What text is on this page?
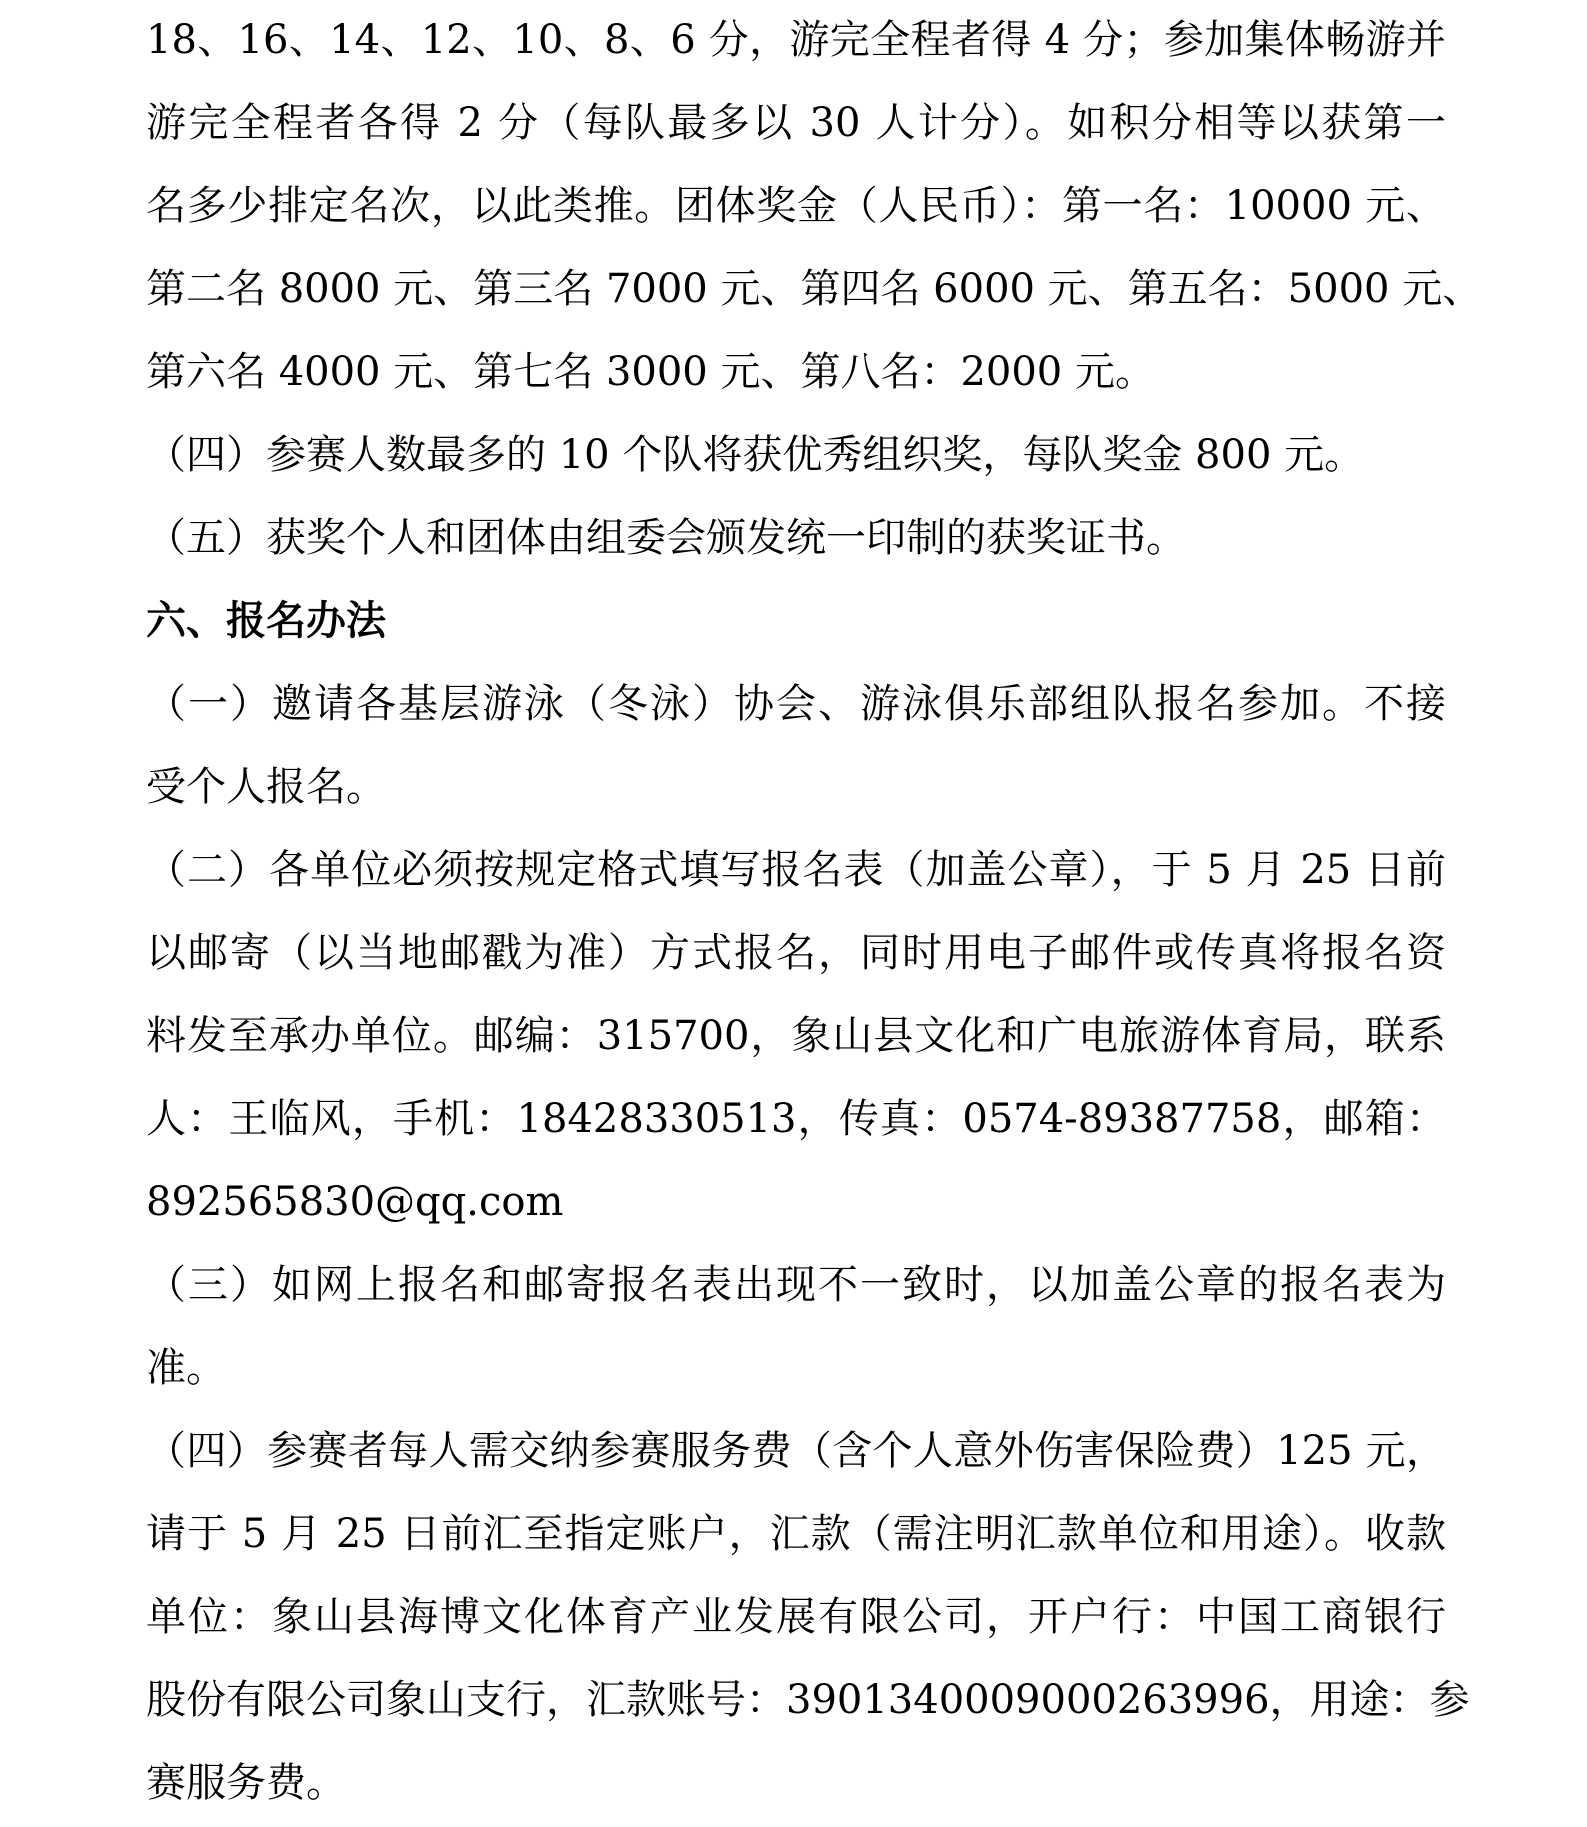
18、16、14、12、10、8、6 分，游完全程者得 4 分；参加集体畅游并

游完全程者各得 2 分（每队最多以 30 人计分）。如积分相等以获第一

名多少排定名次，以此类推。团体奖金（人民币）：第一名：10000 元、

第二名 8000 元、第三名 7000 元、第四名 6000 元、第五名：5000 元、

第六名 4000 元、第七名 3000 元、第八名：2000 元。

（四）参赛人数最多的 10 个队将获优秀组织奖，每队奖金 800 元。

（五）获奖个人和团体由组委会颁发统一印制的获奖证书。

六、报名办法

（一）邀请各基层游泳（冬泳）协会、游泳俱乐部组队报名参加。不接

受个人报名。

（二）各单位必须按规定格式填写报名表（加盖公章），于 5 月 25 日前

以邮寄（以当地邮戳为准）方式报名，同时用电子邮件或传真将报名资

料发至承办单位。邮编：315700，象山县文化和广电旅游体育局，联系

人：王临风，手机：18428330513，传真：0574-89387758，邮箱：

892565830@qq.com

（三）如网上报名和邮寄报名表出现不一致时，以加盖公章的报名表为

准。

（四）参赛者每人需交纳参赛服务费（含个人意外伤害保险费）125 元，

请于 5 月 25 日前汇至指定账户，汇款（需注明汇款单位和用途）。收款

单位：象山县海博文化体育产业发展有限公司，开户行：中国工商银行

股份有限公司象山支行，汇款账号：3901340009000263996，用途：参

赛服务费。
